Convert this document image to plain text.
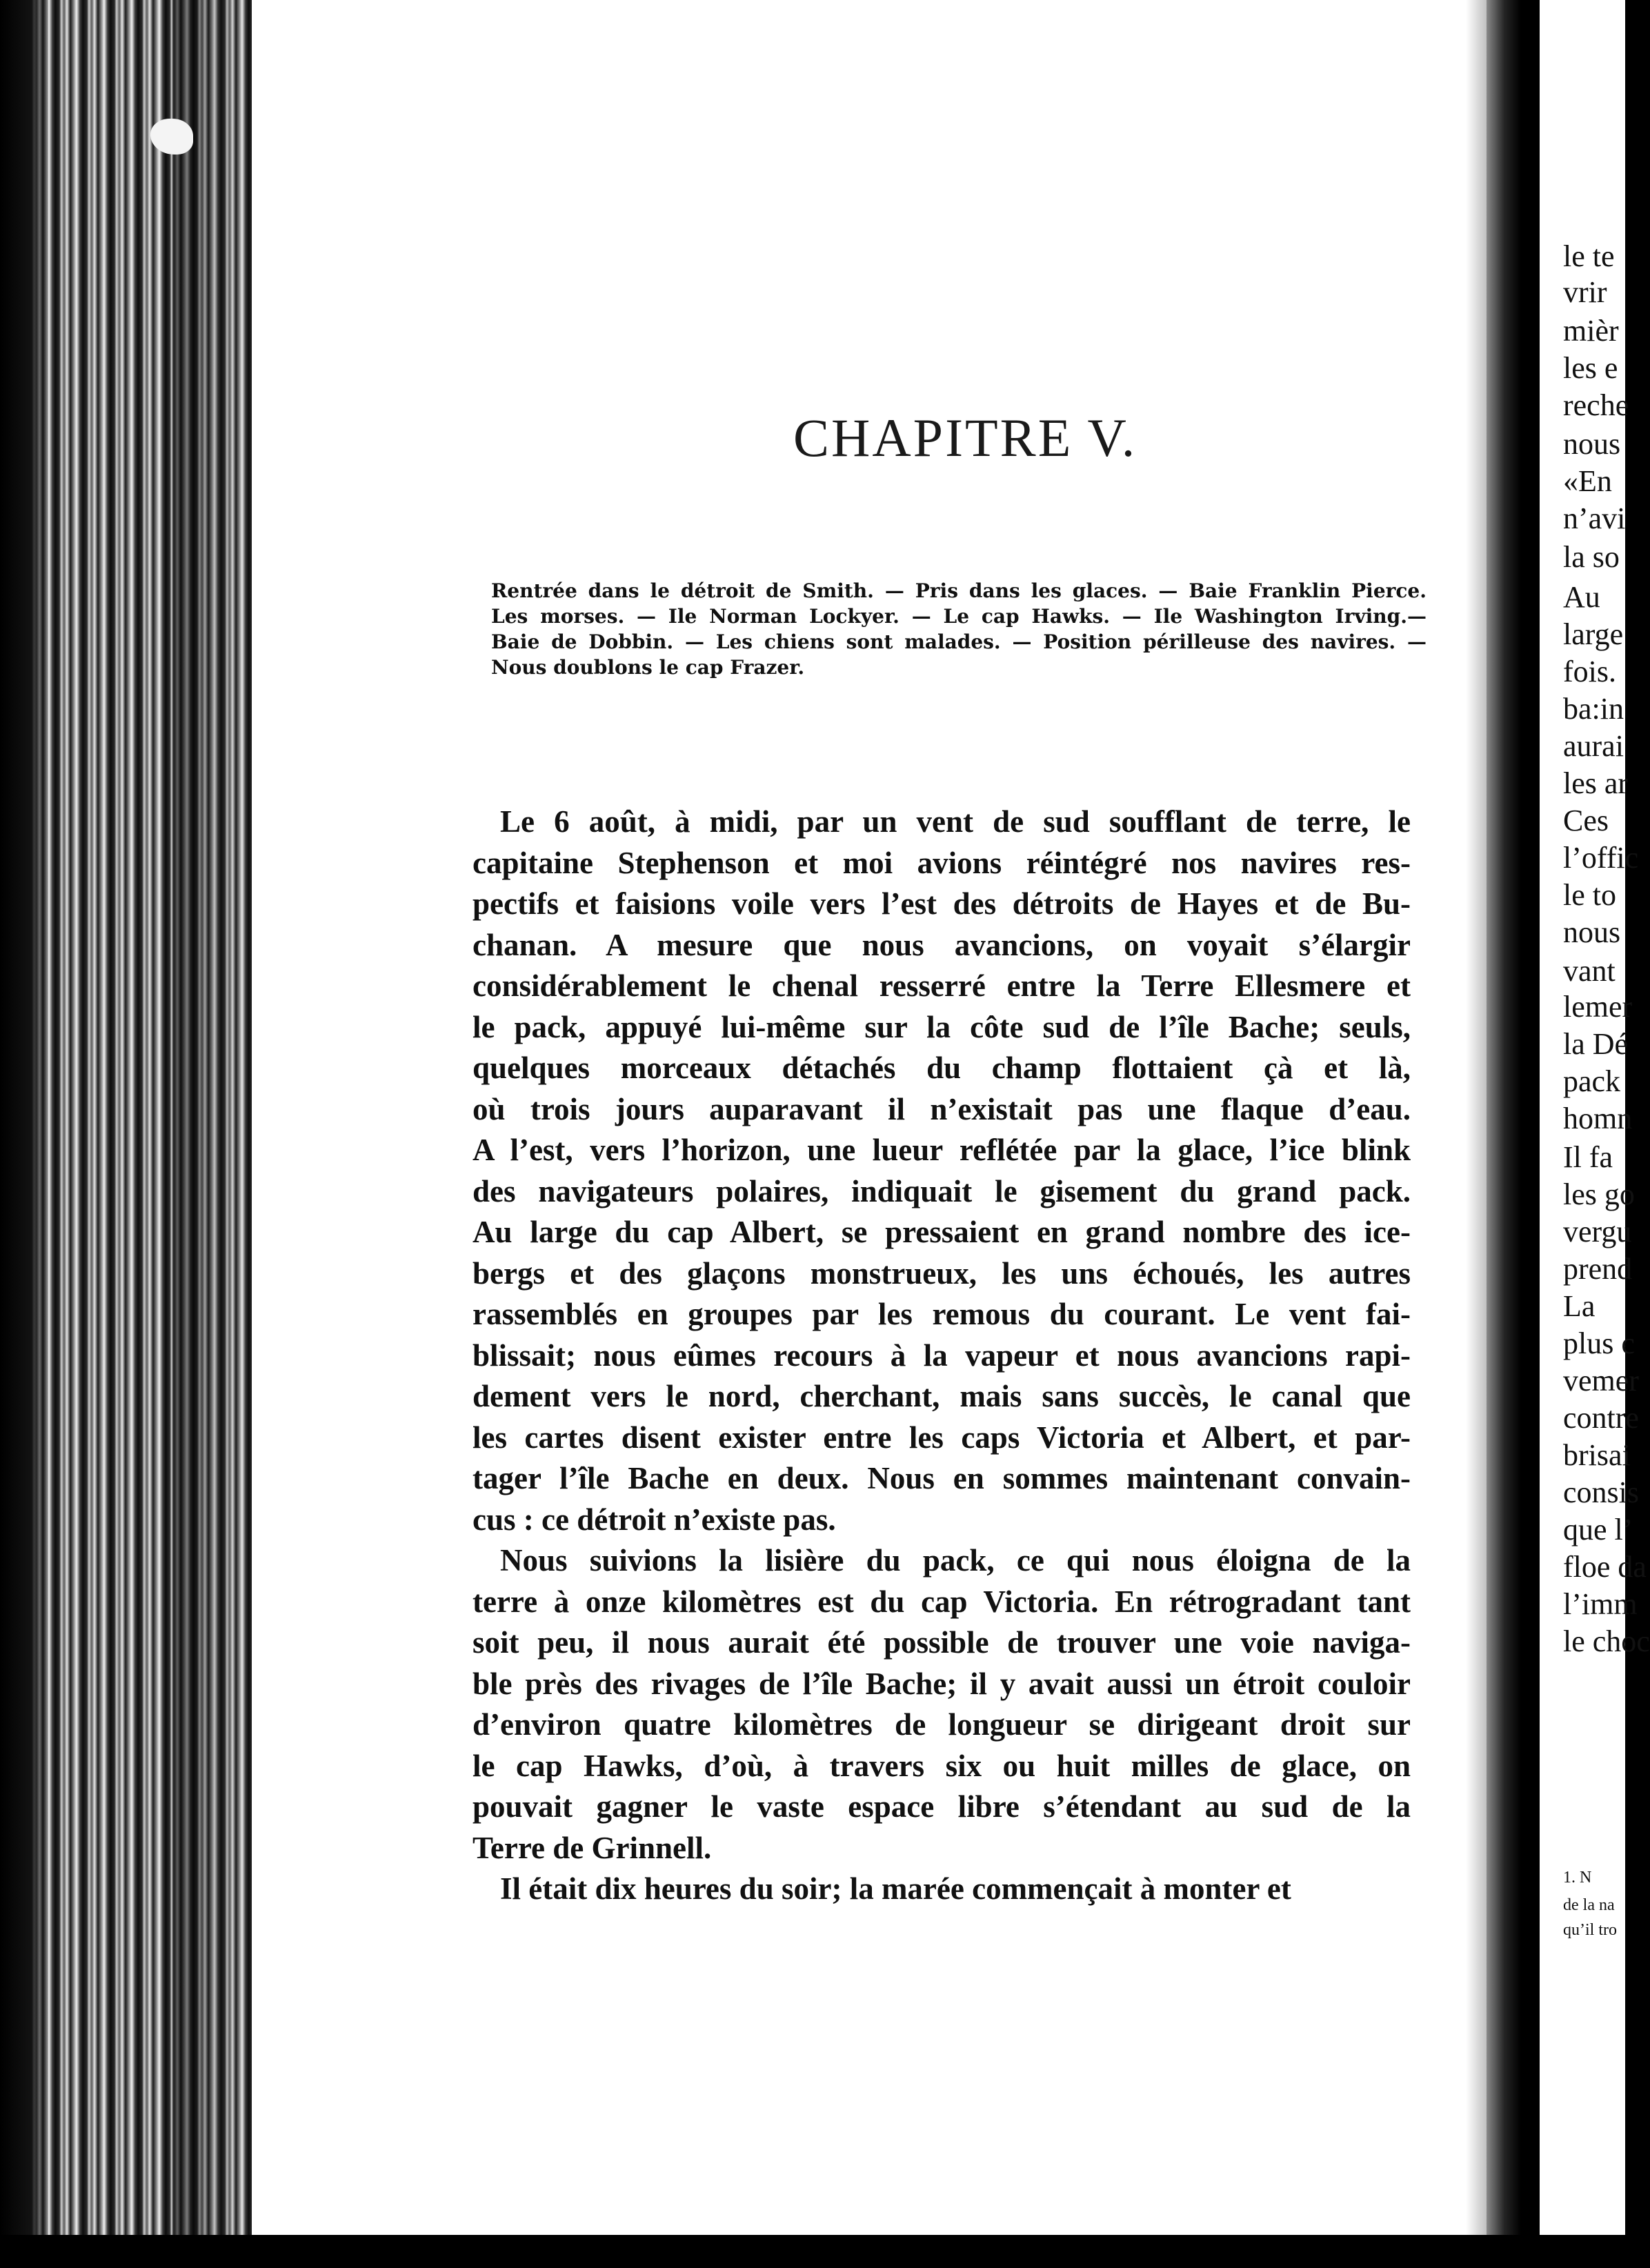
le te
vrir
mièr
les e
reche
nous
«En
n’avi
la so
Au
large
fois.
ba:in
aurai
les ar
Ces
l’offic
le to
nous
vant
lemer
la Dé
pack
homn
Il fa
les go
vergu
prend
La
plus c
vemer
contre
brisai
consis
que l’
floe da
l’imm
le choc
1. N
de la na
qu’il tro
CHAPITRE V.
Rentrée dans le détroit de Smith. — Pris dans les glaces. — Baie Franklin Pierce.
Les morses. — Ile Norman Lockyer. — Le cap Hawks. — Ile Washington Irving.—
Baie de Dobbin. — Les chiens sont malades. — Position périlleuse des navires. —
Nous doublons le cap Frazer.
Le 6 août, à midi, par un vent de sud soufflant de terre, le
capitaine Stephenson et moi avions réintégré nos navires res-
pectifs et faisions voile vers l’est des détroits de Hayes et de Bu-
chanan. A mesure que nous avancions, on voyait s’élargir
considérablement le chenal resserré entre la Terre Ellesmere et
le pack, appuyé lui-même sur la côte sud de l’île Bache; seuls,
quelques morceaux détachés du champ flottaient çà et là,
où trois jours auparavant il n’existait pas une flaque d’eau.
A l’est, vers l’horizon, une lueur reflétée par la glace, l’ice blink
des navigateurs polaires, indiquait le gisement du grand pack.
Au large du cap Albert, se pressaient en grand nombre des ice-
bergs et des glaçons monstrueux, les uns échoués, les autres
rassemblés en groupes par les remous du courant. Le vent fai-
blissait; nous eûmes recours à la vapeur et nous avancions rapi-
dement vers le nord, cherchant, mais sans succès, le canal que
les cartes disent exister entre les caps Victoria et Albert, et par-
tager l’île Bache en deux. Nous en sommes maintenant convain-
cus : ce détroit n’existe pas.
Nous suivions la lisière du pack, ce qui nous éloigna de la
terre à onze kilomètres est du cap Victoria. En rétrogradant tant
soit peu, il nous aurait été possible de trouver une voie naviga-
ble près des rivages de l’île Bache; il y avait aussi un étroit couloir
d’environ quatre kilomètres de longueur se dirigeant droit sur
le cap Hawks, d’où, à travers six ou huit milles de glace, on
pouvait gagner le vaste espace libre s’étendant au sud de la
Terre de Grinnell.
Il était dix heures du soir; la marée commençait à monter et
